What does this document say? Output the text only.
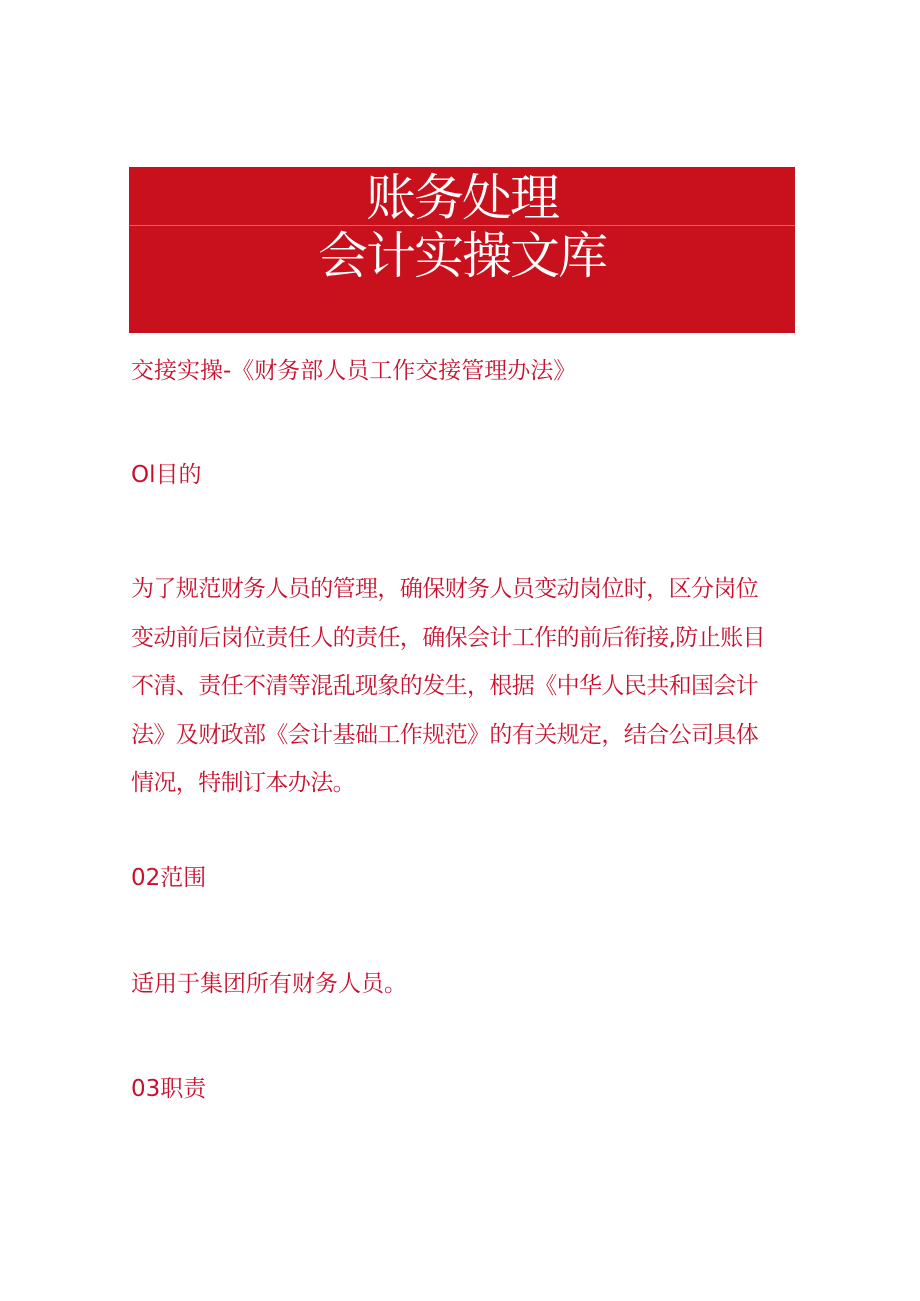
账务处理
会计实操文库
交接实操-《财务部人员工作交接管理办法》
Ol目的
为了规范财务人员的管理，确保财务人员变动岗位时，区分岗位
变动前后岗位责任人的责任，确保会计工作的前后衔接,防止账目
不清、责任不清等混乱现象的发生，根据《中华人民共和国会计
法》及财政部《会计基础工作规范》的有关规定，结合公司具体
情况，特制订本办法。
02范围
适用于集团所有财务人员。
03职责
